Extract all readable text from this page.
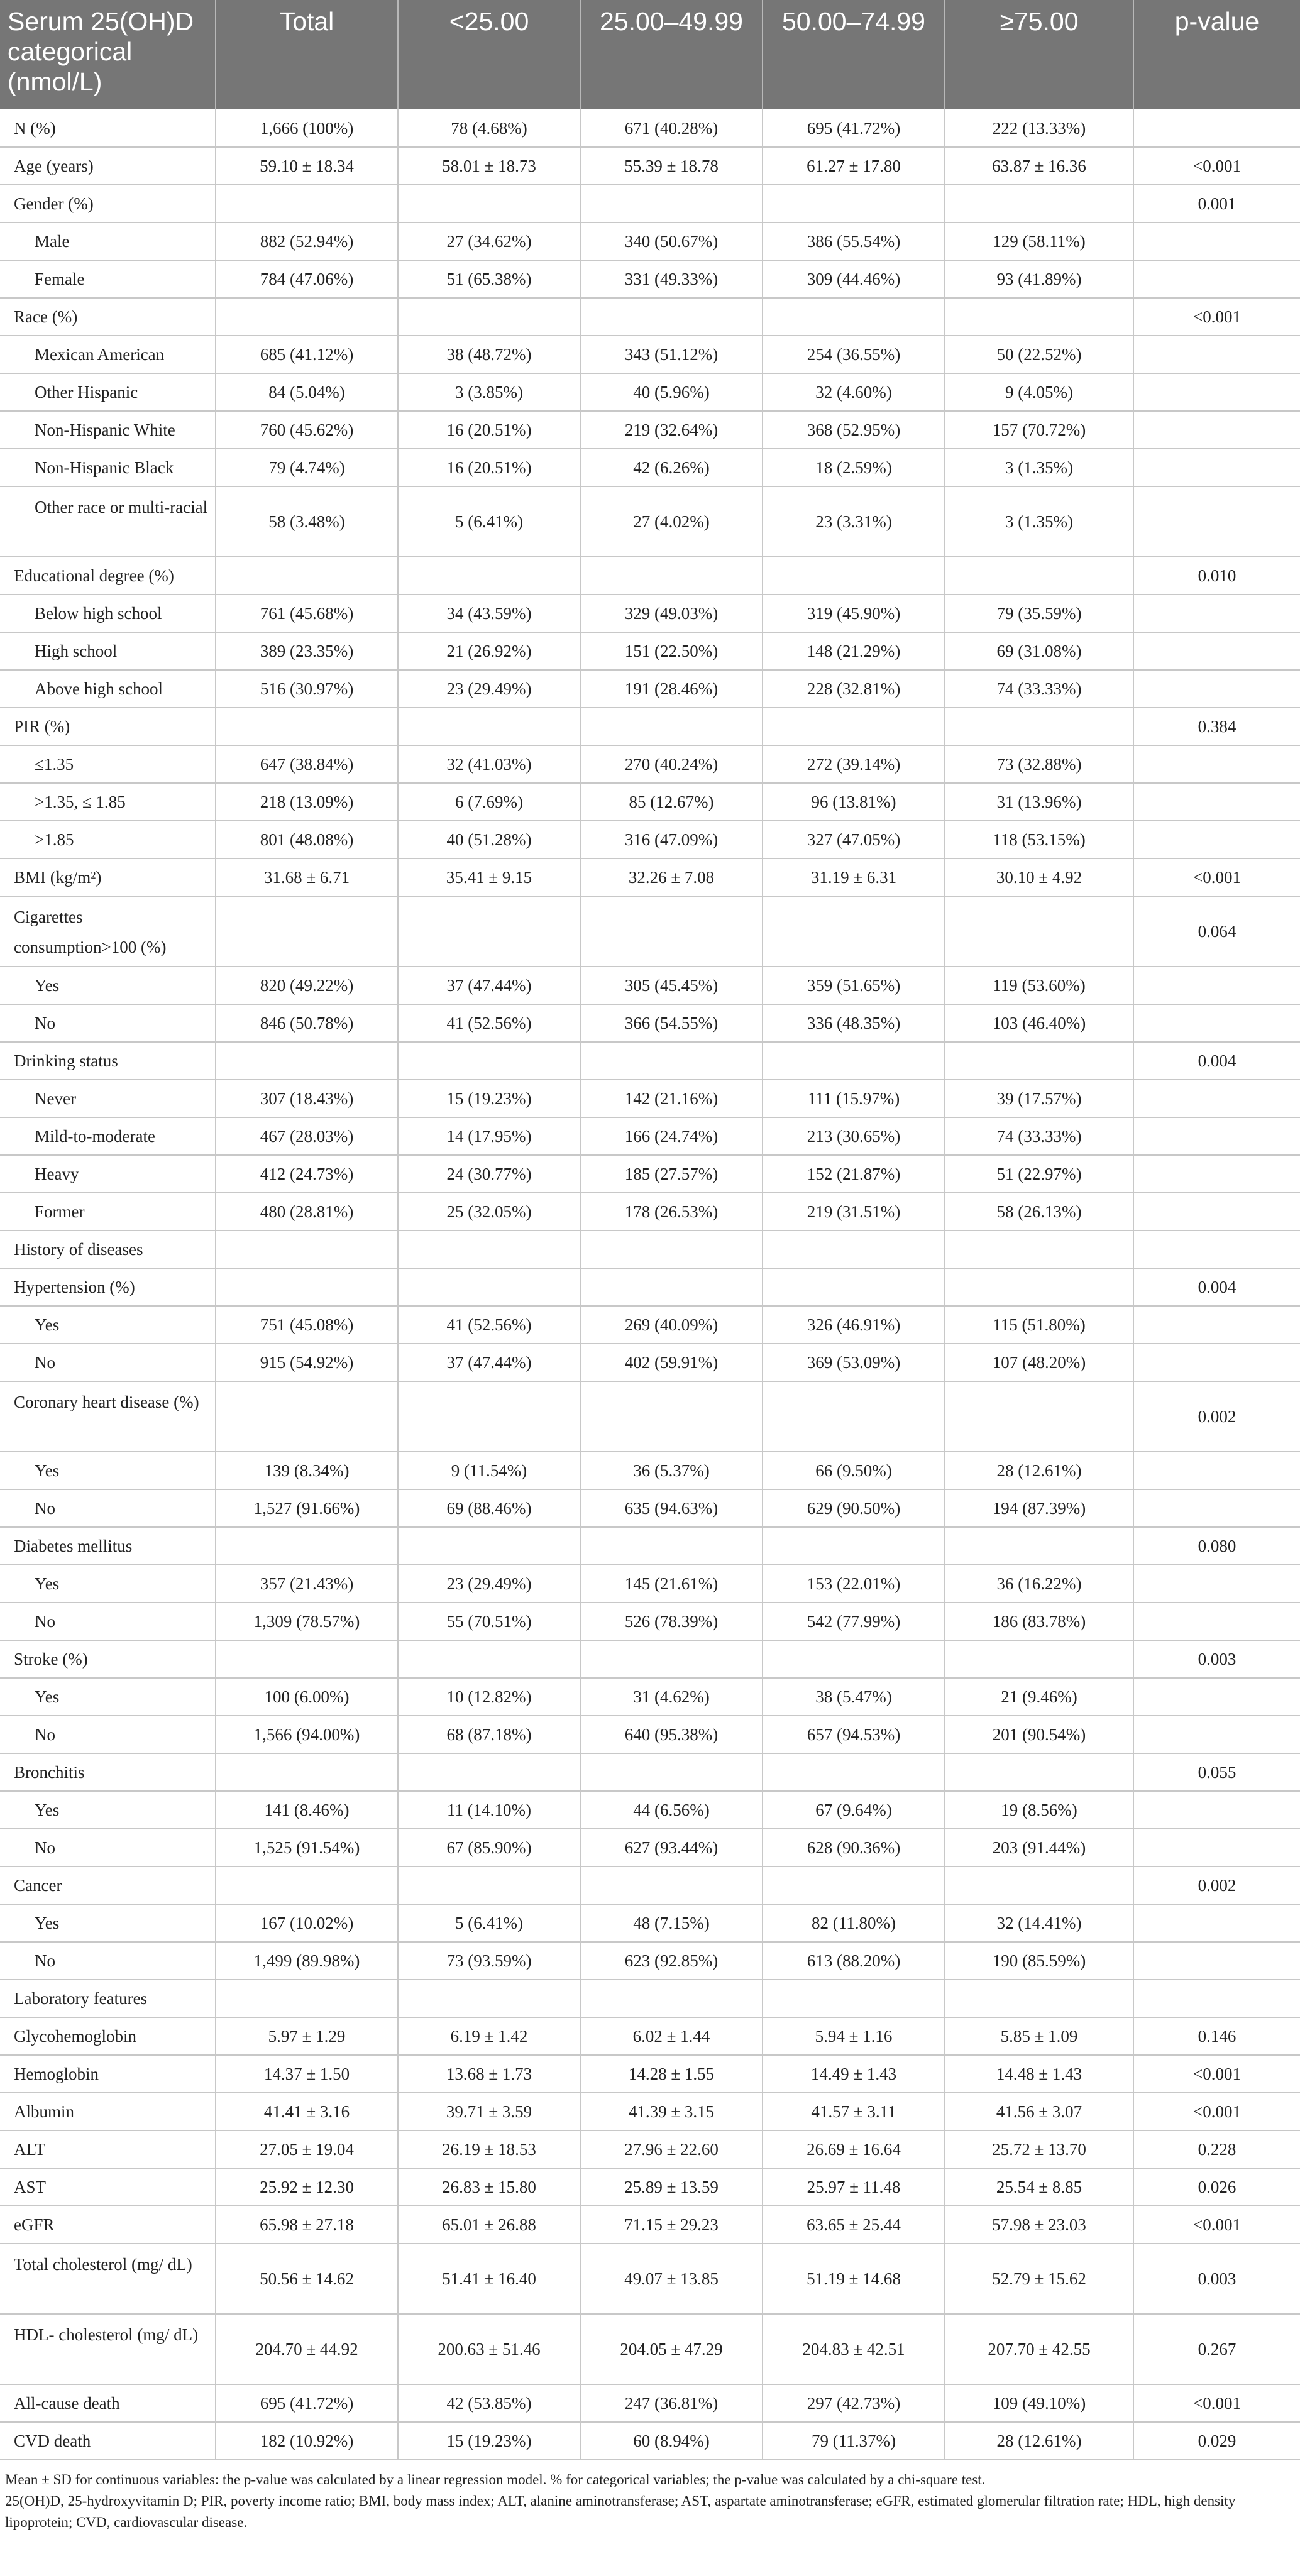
Serum 25(OH)D categorical (nmol/L)	Total	<25.00	25.00–49.99	50.00–74.99	≥75.00	p-value
N (%)	1,666 (100%)	78 (4.68%)	671 (40.28%)	695 (41.72%)	222 (13.33%)	
Age (years)	59.10 ± 18.34	58.01 ± 18.73	55.39 ± 18.78	61.27 ± 17.80	63.87 ± 16.36	<0.001
Gender (%)						0.001
Male	882 (52.94%)	27 (34.62%)	340 (50.67%)	386 (55.54%)	129 (58.11%)	
Female	784 (47.06%)	51 (65.38%)	331 (49.33%)	309 (44.46%)	93 (41.89%)	
Race (%)						<0.001
Mexican American	685 (41.12%)	38 (48.72%)	343 (51.12%)	254 (36.55%)	50 (22.52%)	
Other Hispanic	84 (5.04%)	3 (3.85%)	40 (5.96%)	32 (4.60%)	9 (4.05%)	
Non-Hispanic White	760 (45.62%)	16 (20.51%)	219 (32.64%)	368 (52.95%)	157 (70.72%)	
Non-Hispanic Black	79 (4.74%)	16 (20.51%)	42 (6.26%)	18 (2.59%)	3 (1.35%)	
Other race or multi-racial	58 (3.48%)	5 (6.41%)	27 (4.02%)	23 (3.31%)	3 (1.35%)	
Educational degree (%)						0.010
Below high school	761 (45.68%)	34 (43.59%)	329 (49.03%)	319 (45.90%)	79 (35.59%)	
High school	389 (23.35%)	21 (26.92%)	151 (22.50%)	148 (21.29%)	69 (31.08%)	
Above high school	516 (30.97%)	23 (29.49%)	191 (28.46%)	228 (32.81%)	74 (33.33%)	
PIR (%)						0.384
≤1.35	647 (38.84%)	32 (41.03%)	270 (40.24%)	272 (39.14%)	73 (32.88%)	
>1.35, ≤ 1.85	218 (13.09%)	6 (7.69%)	85 (12.67%)	96 (13.81%)	31 (13.96%)	
>1.85	801 (48.08%)	40 (51.28%)	316 (47.09%)	327 (47.05%)	118 (53.15%)	
BMI (kg/m²)	31.68 ± 6.71	35.41 ± 9.15	32.26 ± 7.08	31.19 ± 6.31	30.10 ± 4.92	<0.001
Cigarettes consumption>100 (%)						0.064
Yes	820 (49.22%)	37 (47.44%)	305 (45.45%)	359 (51.65%)	119 (53.60%)	
No	846 (50.78%)	41 (52.56%)	366 (54.55%)	336 (48.35%)	103 (46.40%)	
Drinking status						0.004
Never	307 (18.43%)	15 (19.23%)	142 (21.16%)	111 (15.97%)	39 (17.57%)	
Mild-to-moderate	467 (28.03%)	14 (17.95%)	166 (24.74%)	213 (30.65%)	74 (33.33%)	
Heavy	412 (24.73%)	24 (30.77%)	185 (27.57%)	152 (21.87%)	51 (22.97%)	
Former	480 (28.81%)	25 (32.05%)	178 (26.53%)	219 (31.51%)	58 (26.13%)	
History of diseases						
Hypertension (%)						0.004
Yes	751 (45.08%)	41 (52.56%)	269 (40.09%)	326 (46.91%)	115 (51.80%)	
No	915 (54.92%)	37 (47.44%)	402 (59.91%)	369 (53.09%)	107 (48.20%)	
Coronary heart disease (%)						0.002
Yes	139 (8.34%)	9 (11.54%)	36 (5.37%)	66 (9.50%)	28 (12.61%)	
No	1,527 (91.66%)	69 (88.46%)	635 (94.63%)	629 (90.50%)	194 (87.39%)	
Diabetes mellitus						0.080
Yes	357 (21.43%)	23 (29.49%)	145 (21.61%)	153 (22.01%)	36 (16.22%)	
No	1,309 (78.57%)	55 (70.51%)	526 (78.39%)	542 (77.99%)	186 (83.78%)	
Stroke (%)						0.003
Yes	100 (6.00%)	10 (12.82%)	31 (4.62%)	38 (5.47%)	21 (9.46%)	
No	1,566 (94.00%)	68 (87.18%)	640 (95.38%)	657 (94.53%)	201 (90.54%)	
Bronchitis						0.055
Yes	141 (8.46%)	11 (14.10%)	44 (6.56%)	67 (9.64%)	19 (8.56%)	
No	1,525 (91.54%)	67 (85.90%)	627 (93.44%)	628 (90.36%)	203 (91.44%)	
Cancer						0.002
Yes	167 (10.02%)	5 (6.41%)	48 (7.15%)	82 (11.80%)	32 (14.41%)	
No	1,499 (89.98%)	73 (93.59%)	623 (92.85%)	613 (88.20%)	190 (85.59%)	
Laboratory features						
Glycohemoglobin	5.97 ± 1.29	6.19 ± 1.42	6.02 ± 1.44	5.94 ± 1.16	5.85 ± 1.09	0.146
Hemoglobin	14.37 ± 1.50	13.68 ± 1.73	14.28 ± 1.55	14.49 ± 1.43	14.48 ± 1.43	<0.001
Albumin	41.41 ± 3.16	39.71 ± 3.59	41.39 ± 3.15	41.57 ± 3.11	41.56 ± 3.07	<0.001
ALT	27.05 ± 19.04	26.19 ± 18.53	27.96 ± 22.60	26.69 ± 16.64	25.72 ± 13.70	0.228
AST	25.92 ± 12.30	26.83 ± 15.80	25.89 ± 13.59	25.97 ± 11.48	25.54 ± 8.85	0.026
eGFR	65.98 ± 27.18	65.01 ± 26.88	71.15 ± 29.23	63.65 ± 25.44	57.98 ± 23.03	<0.001
Total cholesterol (mg/ dL)	50.56 ± 14.62	51.41 ± 16.40	49.07 ± 13.85	51.19 ± 14.68	52.79 ± 15.62	0.003
HDL- cholesterol (mg/ dL)	204.70 ± 44.92	200.63 ± 51.46	204.05 ± 47.29	204.83 ± 42.51	207.70 ± 42.55	0.267
All-cause death	695 (41.72%)	42 (53.85%)	247 (36.81%)	297 (42.73%)	109 (49.10%)	<0.001
CVD death	182 (10.92%)	15 (19.23%)	60 (8.94%)	79 (11.37%)	28 (12.61%)	0.029
Mean ± SD for continuous variables: the p-value was calculated by a linear regression model. % for categorical variables; the p-value was calculated by a chi-square test.
25(OH)D, 25-hydroxyvitamin D; PIR, poverty income ratio; BMI, body mass index; ALT, alanine aminotransferase; AST, aspartate aminotransferase; eGFR, estimated glomerular filtration rate; HDL, high density lipoprotein; CVD, cardiovascular disease.
